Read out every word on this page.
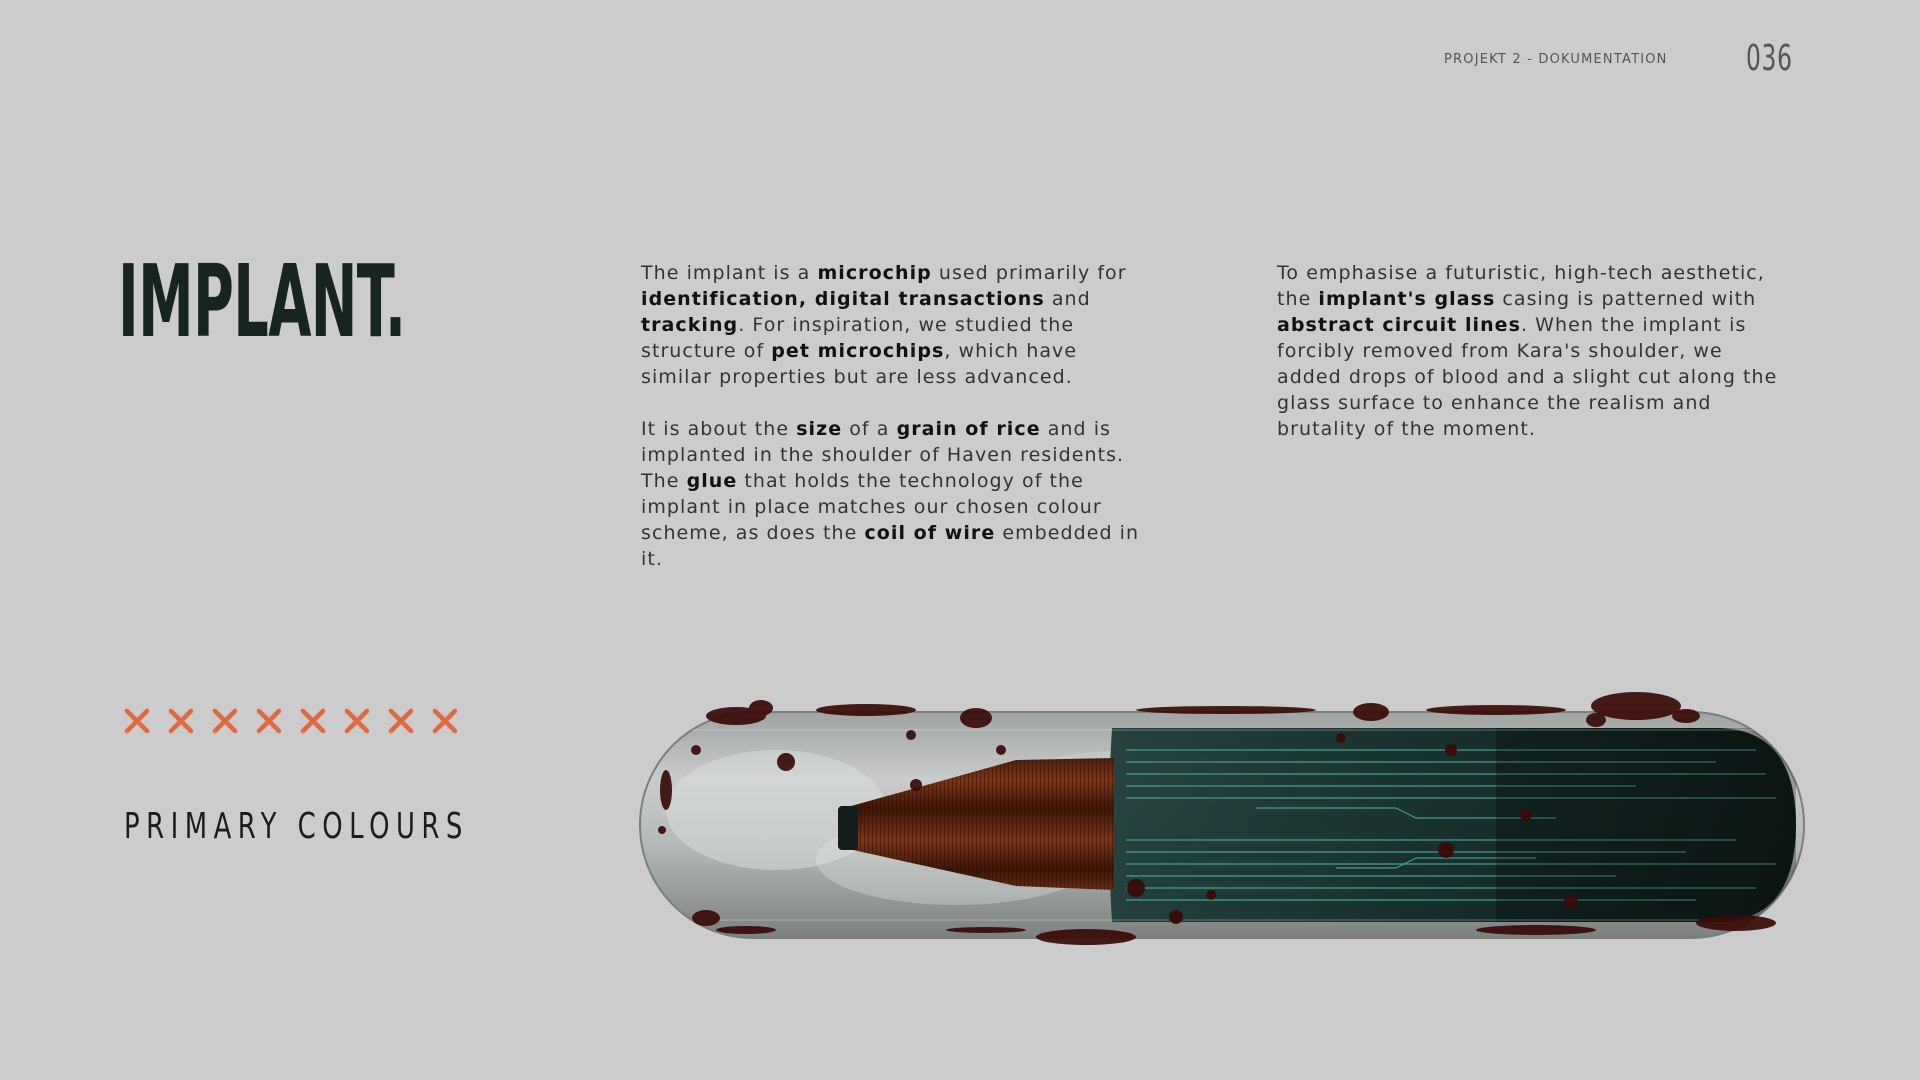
PROJEKT 2 - DOKUMENTATION 036
IMPLANT.	The implant is a microchip used primarily for identification, digital transactions and tracking. For inspiration, we studied the structure of pet microchips, which have similar properties but are less advanced.

It is about the size of a grain of rice and is implanted in the shoulder of Haven residents. The glue that holds the technology of the implant in place matches our chosen colour scheme, as does the coil of wire embedded in it.

To emphasise a futuristic, high-tech aesthetic, the implant's glass casing is patterned with abstract circuit lines. When the implant is forcibly removed from Kara's shoulder, we added drops of blood and a slight cut along the glass surface to enhance the realism and brutality of the moment.

PRIMARY COLOURS
